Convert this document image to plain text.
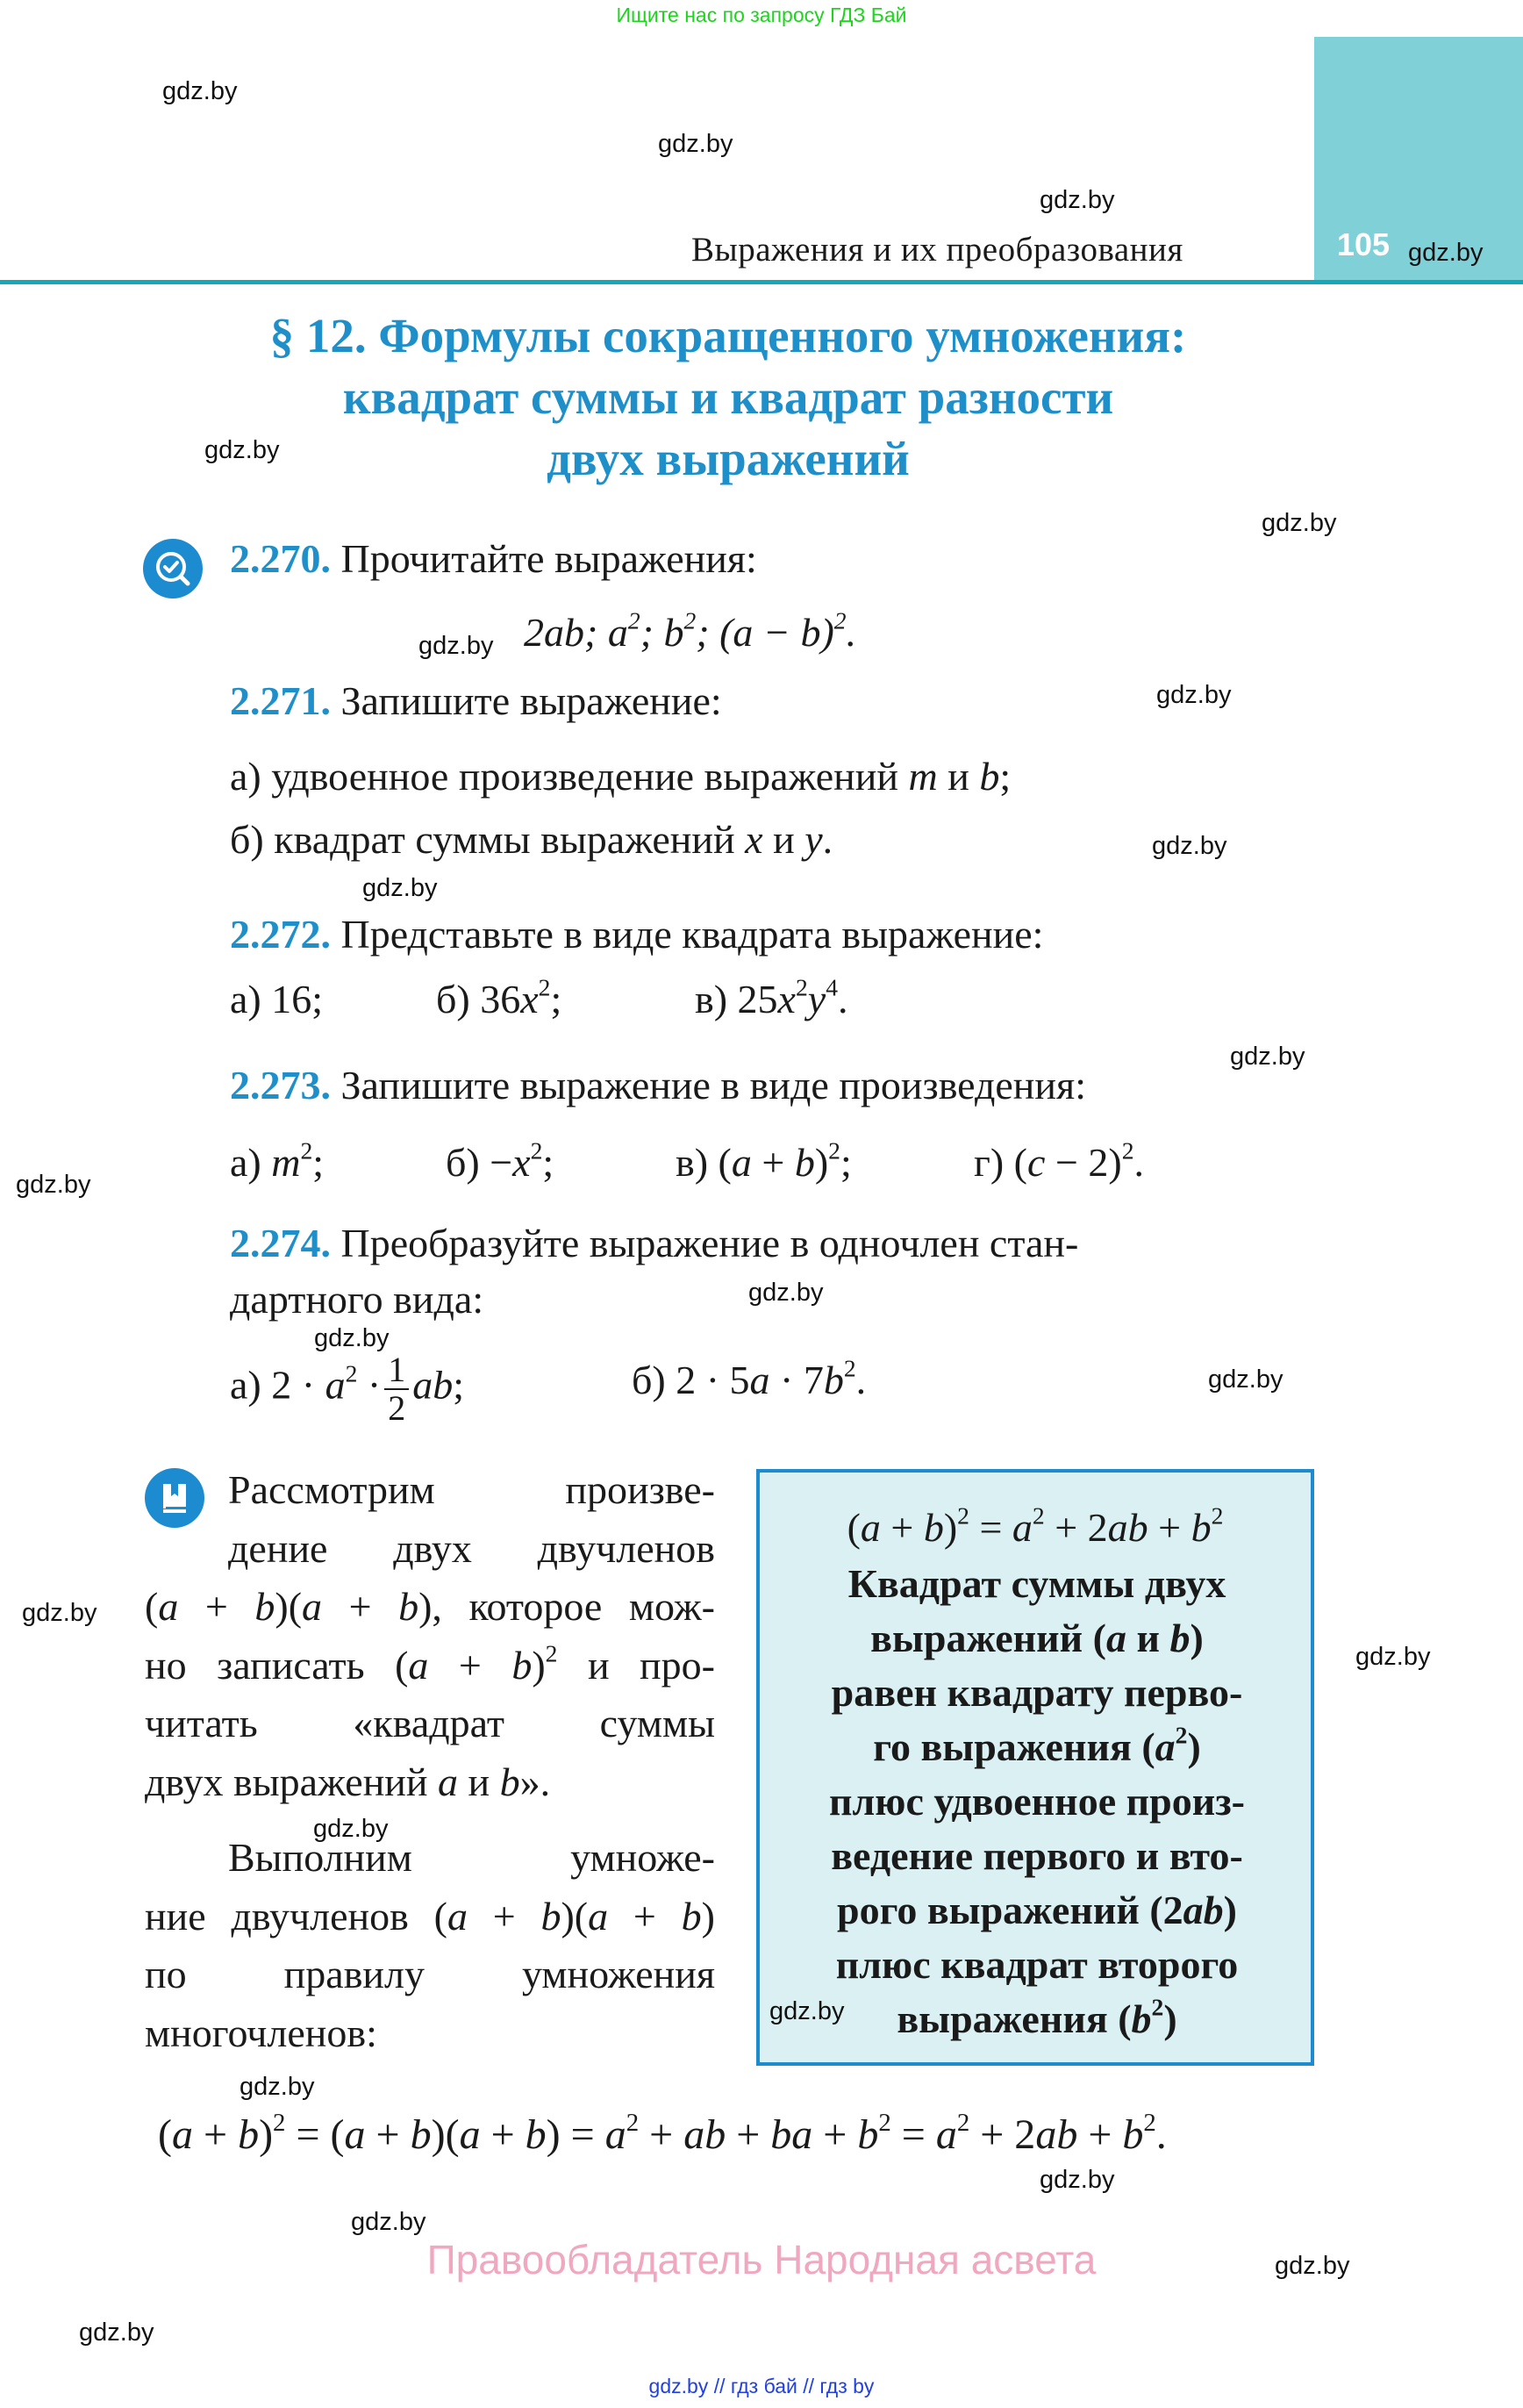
Ищите нас по запросу ГДЗ Бай
105
Выражения и их преобразования
§ 12. Формулы сокращенного умножения:
квадрат суммы и квадрат разности
двух выражений
2.270. Прочитайте выражения:
2ab; $a^2$; $b^2$; $(a - b)^2$.
2.271. Запишите выражение:
а) удвоенное произведение выражений m и b;
б) квадрат суммы выражений x и y.
2.272. Представьте в виде квадрата выражение:
а) 16;	б) $36x^2$;	в) $25x^2y^4$.
2.273. Запишите выражение в виде произведения:
а) $m^2$;	$б) -x^2$;	в) $(a + b)^2$;	г) $(c - 2)^2$.
2.274. Преобразуйте выражение в одночлен стан-
дартного вида:
а) $2 \cdot a^2 \cdot \frac{1}{2}$ ab;	б) $2 \cdot 5a \cdot 7b^2$.

Рассмотрим   произве-

дение двух двучленов

(a + b)(a + b), которое мож-

но записать $(a + b)^2$ и про-

читать   «квадрат   суммы

двух выражений a и b».

Выполним     умноже-

ние двучленов (a + b)(a + b)

по   правилу   умножения

многочленов:

$(a + b)^2 = a^2 + 2ab + b^2$
Квадрат суммы двух
выражений (a и b)
равен квадрату перво-
го выражения $(a^2)$
плюс удвоенное произ-
ведение первого и вто-
рого выражений (2ab)
плюс квадрат второго
выражения $(b^2)$
$(a + b)^2 = (a + b)(a + b) = a^2$ + ab + ba + $b^2 = a^2 + 2ab + b^2$.
Правообладатель Народная асвета
gdz.by // гдз бай // гдз by
gdz.by
gdz.by
gdz.by
gdz.by
gdz.by
gdz.by
gdz.by
gdz.by
gdz.by
gdz.by
gdz.by
gdz.by
gdz.by
gdz.by
gdz.by
gdz.by
gdz.by
gdz.by
gdz.by
gdz.by
gdz.by
gdz.by
gdz.by
gdz.by
